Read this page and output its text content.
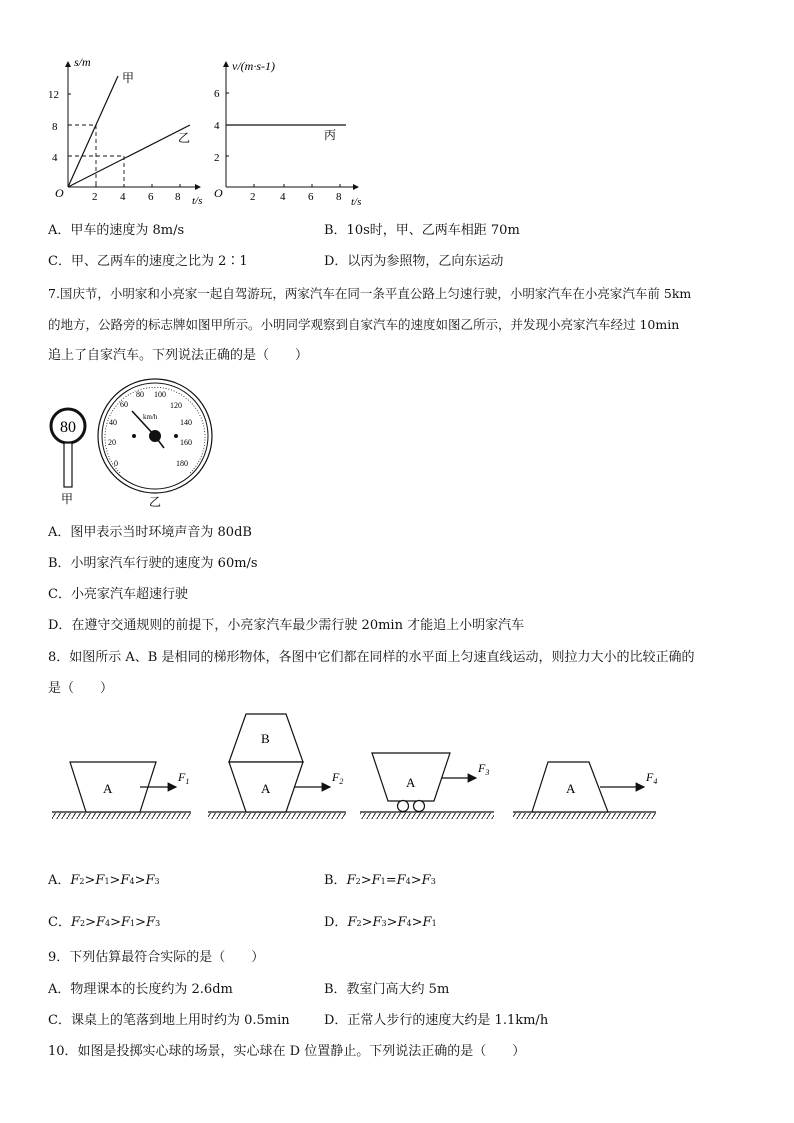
s/m
t/s
O
4
8
12
2 4 6 8
甲
乙
v/(m·s-1)
t/s
O
2
4
6
2 4 6 8
丙
A．甲车的速度为 8m/s	B．10s时，甲、乙两车相距 70m
C．甲、乙两车的速度之比为 2∶1	D．以丙为参照物，乙向东运动
7.国庆节，小明家和小亮家一起自驾游玩，两家汽车在同一条平直公路上匀速行驶，小明家汽车在小亮家汽车前 5km
的地方，公路旁的标志牌如图甲所示。小明同学观察到自家汽车的速度如图乙所示，并发现小亮家汽车经过 10min
追上了自家汽车。下列说法正确的是（　　）
80
甲
0
20
40
60
80 100
120
140
160
180
km/h
乙
A．图甲表示当时环境声音为 80dB
B．小明家汽车行驶的速度为 60m/s
C．小亮家汽车超速行驶
D．在遵守交通规则的前提下，小亮家汽车最少需行驶 20min 才能追上小明家汽车
8．如图所示 A、B 是相同的梯形物体，各图中它们都在同样的水平面上匀速直线运动，则拉力大小的比较正确的
是（　　）
A
$F_1$
B
A
$F_2$	A
$F_3$
A
$F_4$
A．F2>F1>F4>F3	B．F2>F1=F4>F3
C．F2>F4>F1>F3	D．F2>F3>F4>F1
9．下列估算最符合实际的是（　　）
A．物理课本的长度约为 2.6dm	B．教室门高大约 5m
C．课桌上的笔落到地上用时约为 0.5min	D．正常人步行的速度大约是 1.1km/h
10．如图是投掷实心球的场景，实心球在 D 位置静止。下列说法正确的是（　　）
